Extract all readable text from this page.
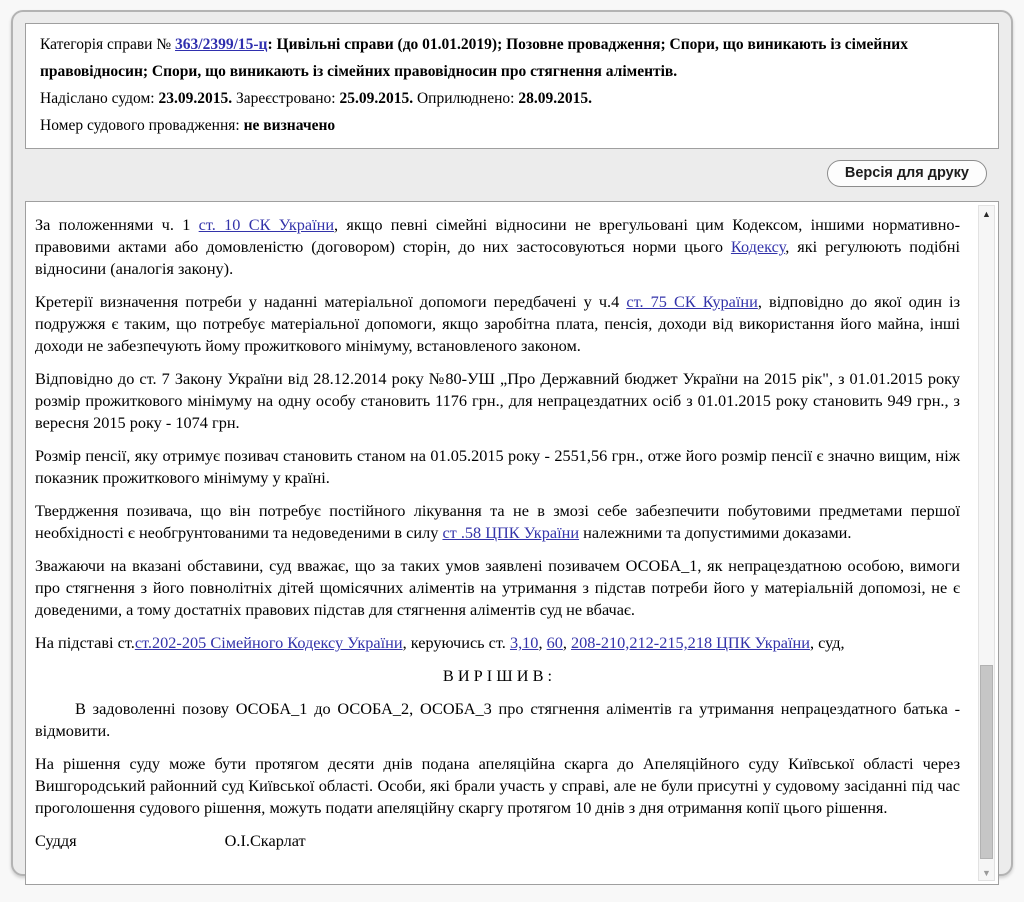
Категорія справи № 363/2399/15-ц: Цивільні справи (до 01.01.2019); Позовне провадження; Спори, що виникають із сімейних правовідносин; Спори, що виникають із сімейних правовідносин про стягнення аліментів.

Надіслано судом: 23.09.2015. Зареєстровано: 25.09.2015. Оприлюднено: 28.09.2015.

Номер судового провадження: не визначено

Версія для друку

За положеннями ч. 1 ст. 10 СК України, якщо певні сімейні відносини не врегульовані цим Кодексом, іншими нормативно-правовими актами або домовленістю (договором) сторін, до них застосовуються норми цього Кодексу, які регулюють подібні відносини (аналогія закону).

Кретерії визначення потреби у наданні матеріальної допомоги передбачені у ч.4 ст. 75 СК Кураїни, відповідно до якої один із подружжя є таким, що потребує матеріальної допомоги, якщо заробітна плата, пенсія, доходи від використання його майна, інші доходи не забезпечують йому прожиткового мінімуму, встановленого законом.

Відповідно до ст. 7 Закону України від 28.12.2014 року №80-УШ „Про Державний бюджет України на 2015 рік", з 01.01.2015 року розмір прожиткового мінімуму на одну особу становить 1176 грн., для непрацездатних осіб з 01.01.2015 року становить 949 грн., з вересня 2015 року - 1074 грн.

Розмір пенсії, яку отримує позивач становить станом на 01.05.2015 року - 2551,56 грн., отже його розмір пенсії є значно вищим, ніж показник прожиткового мінімуму у країні.

Твердження позивача, що він потребує постійного лікування та не в змозі себе забезпечити побутовими предметами першої необхідності є необгрунтованими та недоведеними в силу ст .58 ЦПК України належними та допустимими доказами.

Зважаючи на вказані обставини, суд вважає, що за таких умов заявлені позивачем ОСОБА_1, як непрацездатною особою, вимоги про стягнення з його повнолітніх дітей щомісячних аліментів на утримання з підстав потреби його у матеріальній допомозі, не є доведеними, а тому достатніх правових підстав для стягнення аліментів суд не вбачає.

На підставі ст.ст.202-205 Сімейного Кодексу України, керуючись ст. 3,10, 60, 208-210,212-215,218 ЦПК України, суд,

В И Р І Ш И В :

В задоволенні позову ОСОБА_1 до ОСОБА_2, ОСОБА_3 про стягнення аліментів га утримання непрацездатного батька - відмовити.

На рішення суду може бути протягом десяти днів подана апеляційна скарга до Апеляційного суду Київської області через Вишгородський районний суд Київської області. Особи, які брали участь у справі, але не були присутні у судовому засіданні під час проголошення судового рішення, можуть подати апеляційну скаргу протягом 10 днів з дня отримання копії цього рішення.

Суддя	О.І.Скарлат

▲
▼
